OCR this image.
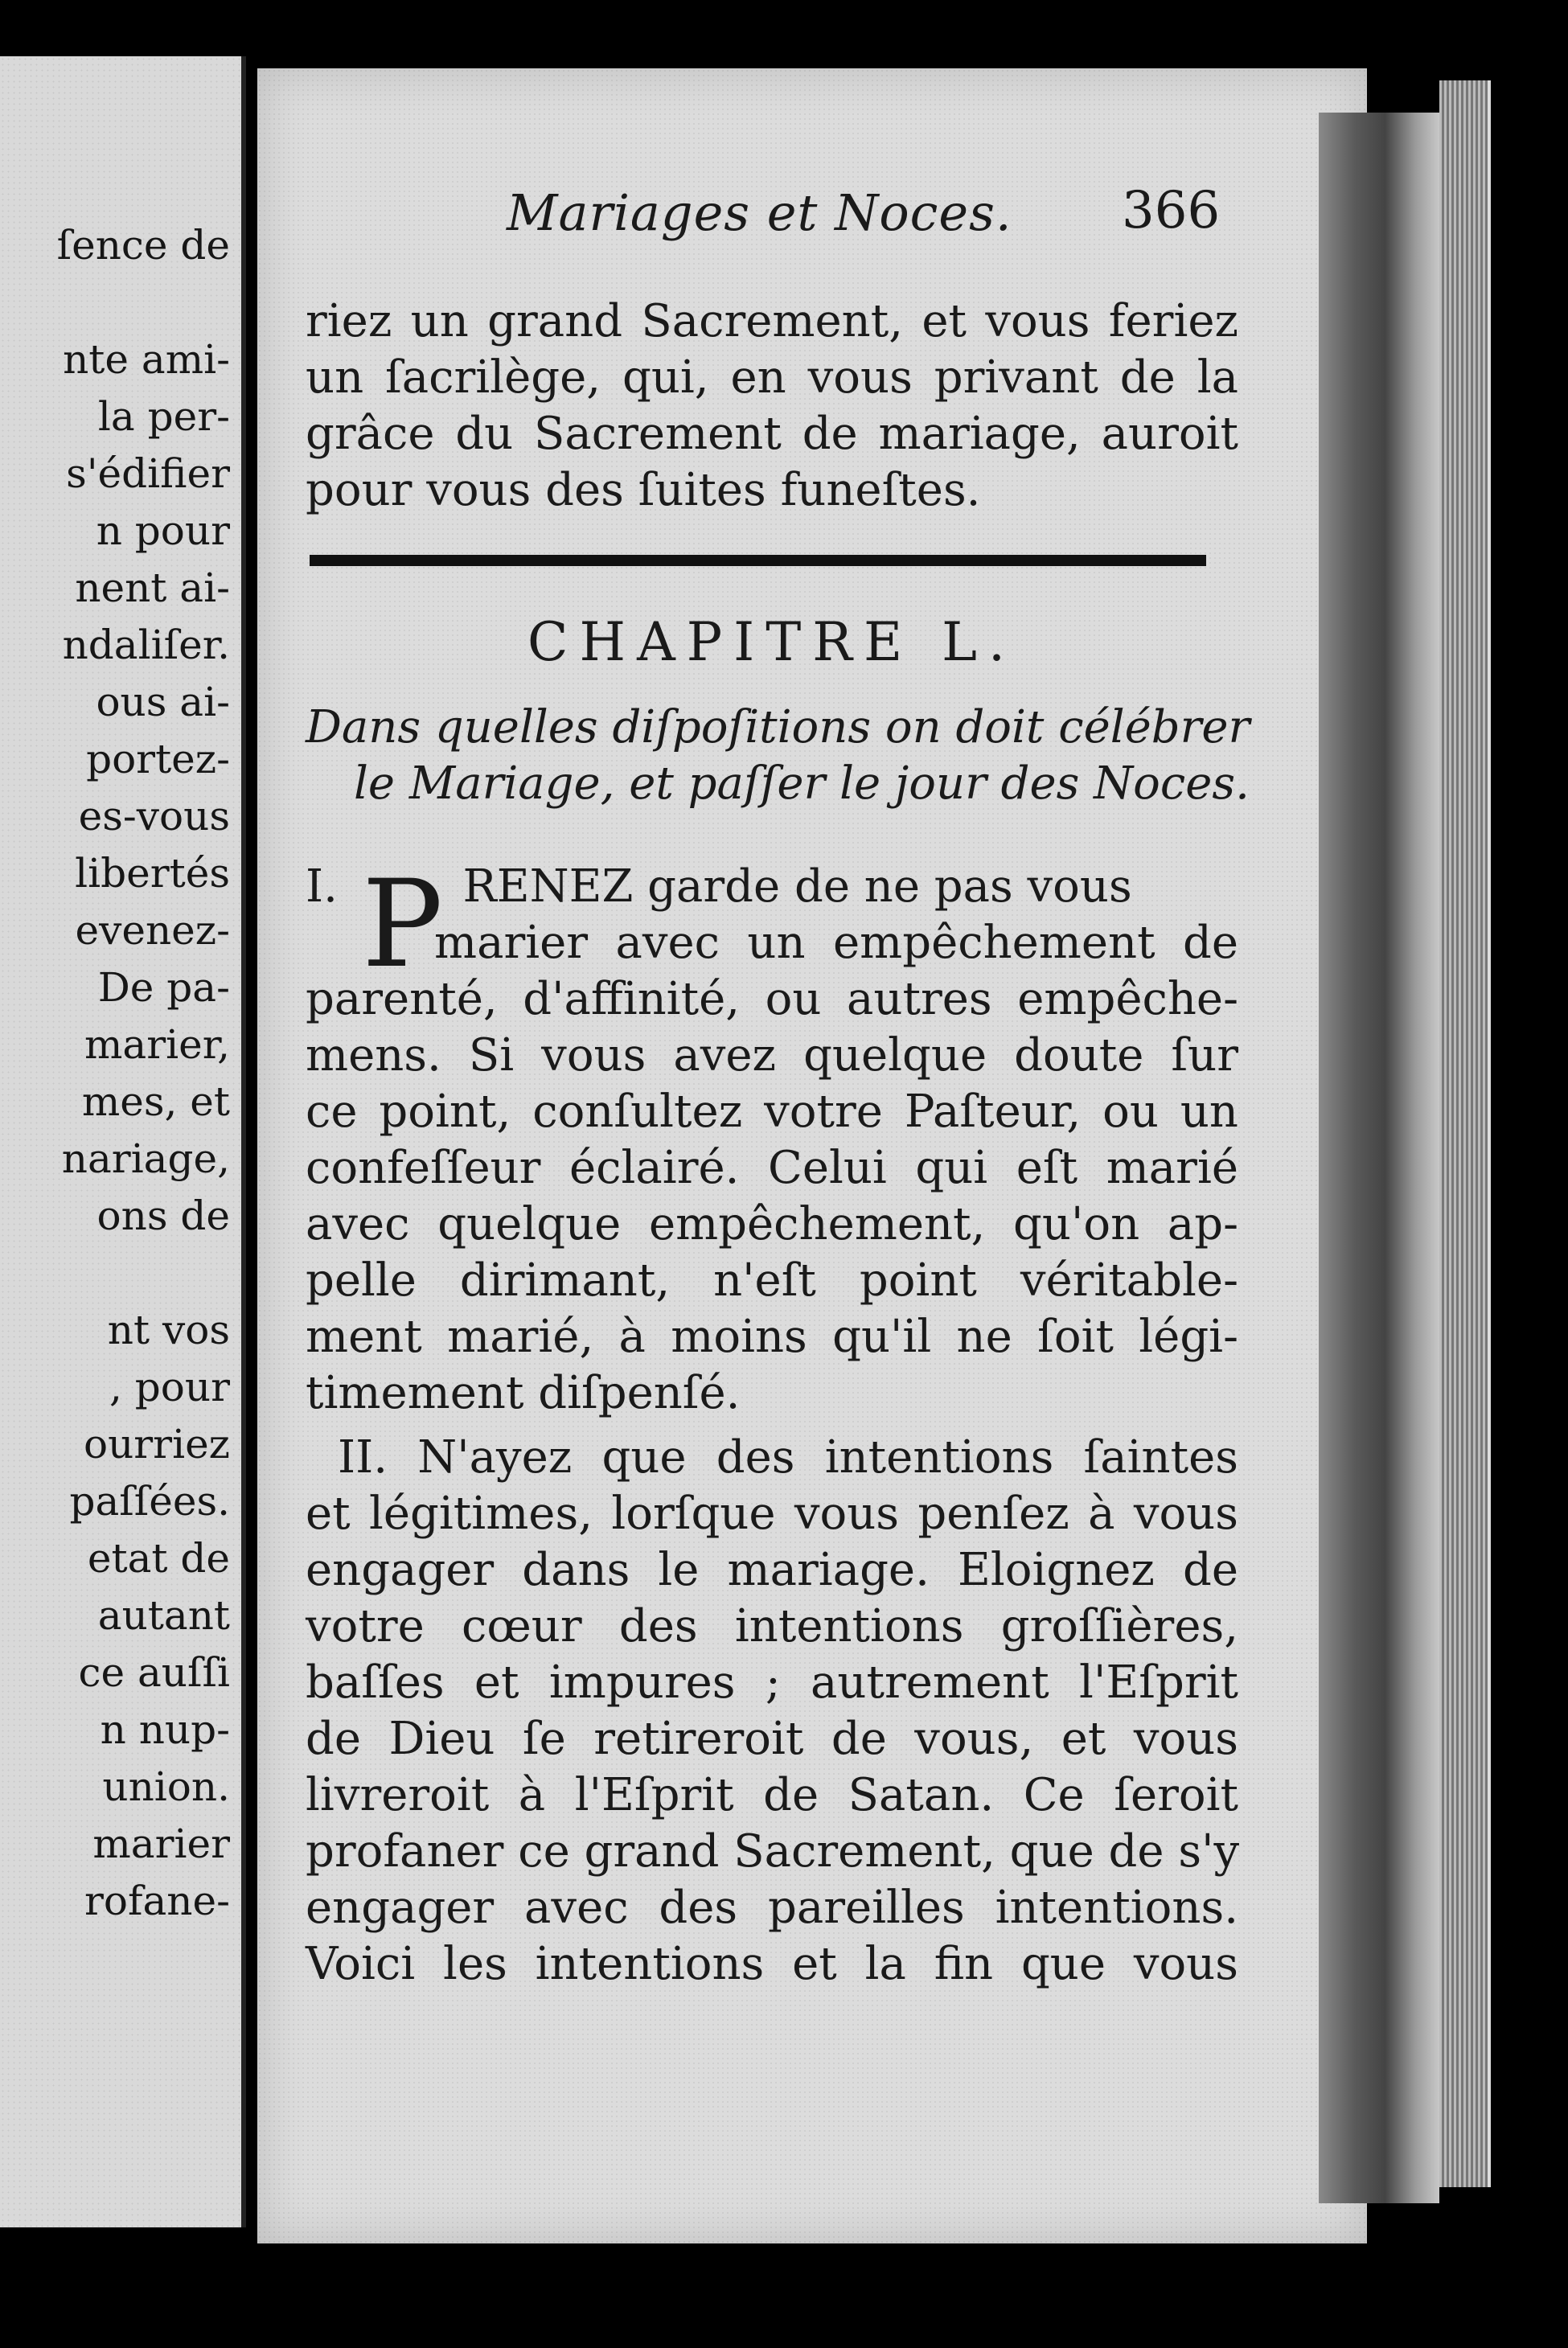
ſence de
nte ami-
la per-
s'édifier
n pour
nent ai-
ndaliſer.
ous ai-
portez-
es-vous
libertés
evenez-
De pa-
marier,
mes, et
nariage,
ons de
nt vos
, pour
ourriez
paſſées.
etat de
autant
ce auſſi
n nup-
union.
marier
rofane-
Mariages et Noces. 366
riez un grand Sacrement, et vous feriez
un ſacrilège, qui, en vous privant de la
grâce du Sacrement de mariage, auroit
pour vous des ſuites funeſtes.
CHAPITRE L.
Dans quelles diſpoſitions on doit célébrer
le Mariage, et paſſer le jour des Noces.
P
I.	RENEZ garde de ne pas vous
marier avec un empêchement de
parenté, d'affinité, ou autres empêche-
mens. Si vous avez quelque doute ſur
ce point, conſultez votre Paſteur, ou un
confeſſeur éclairé. Celui qui eſt marié
avec quelque empêchement, qu'on ap-
pelle dirimant, n'eſt point véritable-
ment marié, à moins qu'il ne ſoit légi-
timement diſpenſé.
II. N'ayez que des intentions ſaintes
et légitimes, lorſque vous penſez à vous
engager dans le mariage. Eloignez de
votre cœur des intentions groſſières,
baſſes et impures ; autrement l'Eſprit
de Dieu ſe retireroit de vous, et vous
livreroit à l'Eſprit de Satan. Ce ſeroit
profaner ce grand Sacrement, que de s'y
engager avec des pareilles intentions.
Voici les intentions et la fin que vous
